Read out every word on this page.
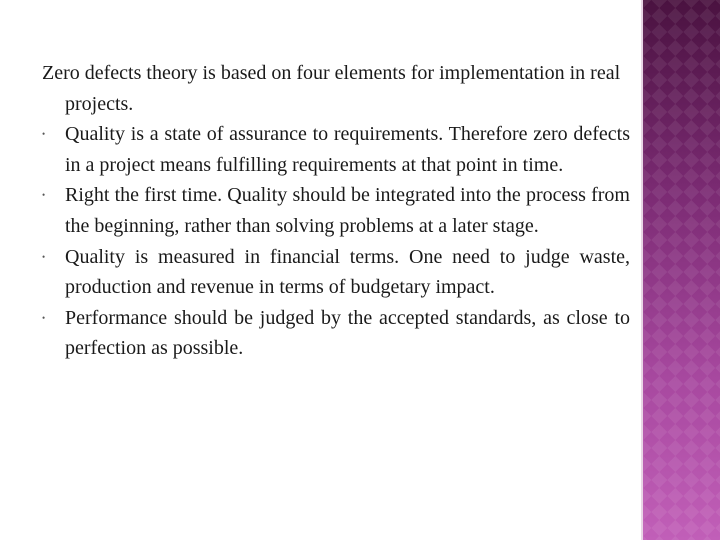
Zero defects theory is based on four elements for implementation in real projects.

• Quality is a state of assurance to requirements. Therefore zero defects in a project means fulfilling requirements at that point in time.
• Right the first time. Quality should be integrated into the process from the beginning, rather than solving problems at a later stage.
• Quality is measured in financial terms. One need to judge waste, production and revenue in terms of budgetary impact.
• Performance should be judged by the accepted standards, as close to perfection as possible.
